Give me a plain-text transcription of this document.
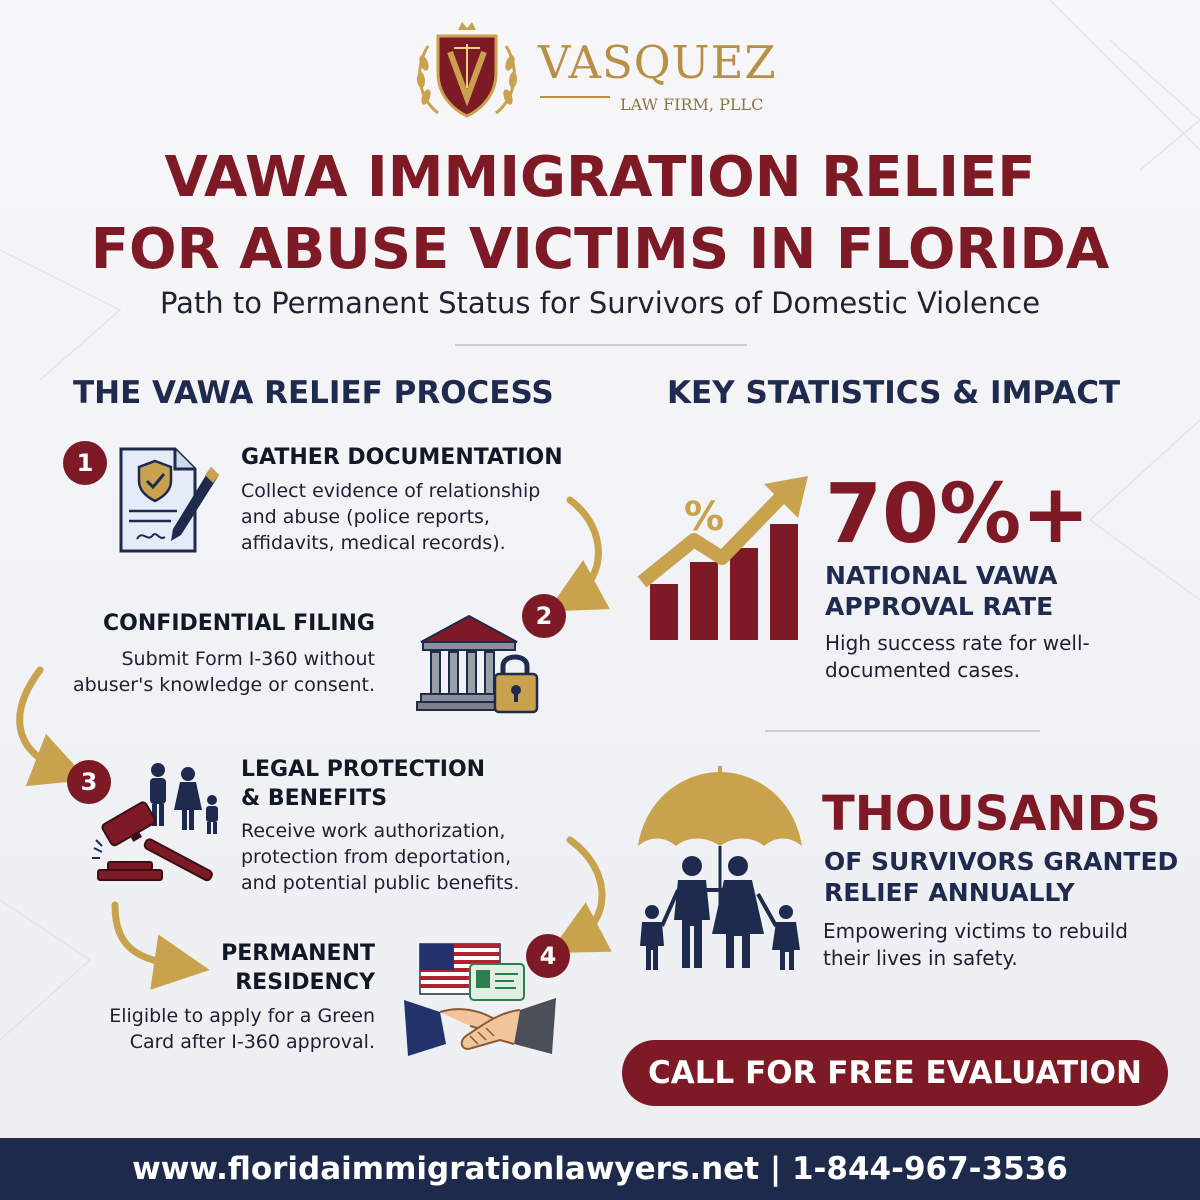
VASQUEZ
LAW FIRM, PLLC
VAWA IMMIGRATION RELIEF
FOR ABUSE VICTIMS IN FLORIDA
Path to Permanent Status for Survivors of Domestic Violence
THE VAWA RELIEF PROCESS	KEY STATISTICS & IMPACT
1	GATHER DOCUMENTATION
Collect evidence of relationship
and abuse (police reports,
affidavits, medical records).
2
CONFIDENTIAL FILING
Submit Form I-360 without
abuser's knowledge or consent.
3	LEGAL PROTECTION
& BENEFITS
Receive work authorization,
protection from deportation,
and potential public benefits.
4
PERMANENT
RESIDENCY
Eligible to apply for a Green
Card after I-360 approval.
% 70%+
NATIONAL VAWA
APPROVAL RATE
High success rate for well-
documented cases.
THOUSANDS
OF SURVIVORS GRANTED
RELIEF ANNUALLY
Empowering victims to rebuild
their lives in safety.
CALL FOR FREE EVALUATION
www.floridaimmigrationlawyers.net | 1-844-967-3536
